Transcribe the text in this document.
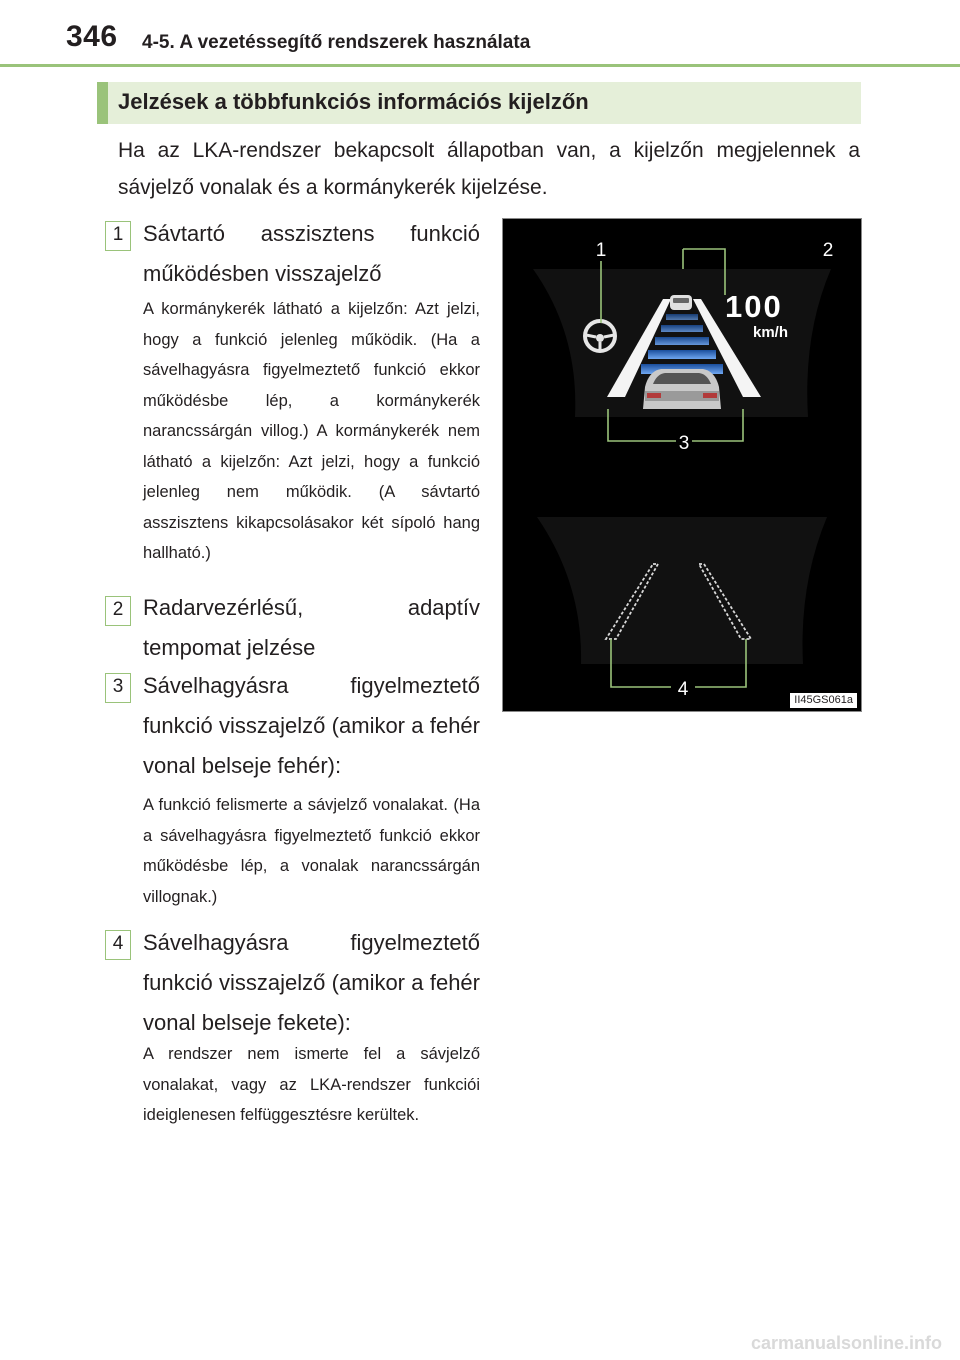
346 4-5. A vezetéssegítő rendszerek használata
Jelzések a többfunkciós információs kijelzőn
Ha az LKA-rendszer bekapcsolt állapotban van, a kijelzőn megjelennek a sávjelző vonalak és a kormánykerék kijelzése.
1 Sávtartó asszisztens funkció működésben visszajelző
A kormánykerék látható a kijelzőn: Azt jelzi, hogy a funkció jelenleg működik. (Ha a sávelhagyásra figyelmeztető funkció ekkor működésbe lép, a kormánykerék narancssárgán villog.) A kormánykerék nem látható a kijelzőn: Azt jelzi, hogy a funkció jelenleg nem működik. (A sávtartó asszisztens kikapcsolásakor két sípoló hang hallható.)
2 Radarvezérlésű, adaptív tempomat jelzése
3 Sávelhagyásra figyelmeztető funkció visszajelző (amikor a fehér vonal belseje fehér):
A funkció felismerte a sávjelző vonalakat. (Ha a sávelhagyásra figyelmeztető funkció ekkor működésbe lép, a vonalak narancssárgán villognak.)
4 Sávelhagyásra figyelmeztető funkció visszajelző (amikor a fehér vonal belseje fekete):
A rendszer nem ismerte fel a sávjelző vonalakat, vagy az LKA-rendszer funkciói ideiglenesen felfüggesztésre kerültek.
100
km/h
1	2
3
4	II45GS061a
carmanualsonline.info
